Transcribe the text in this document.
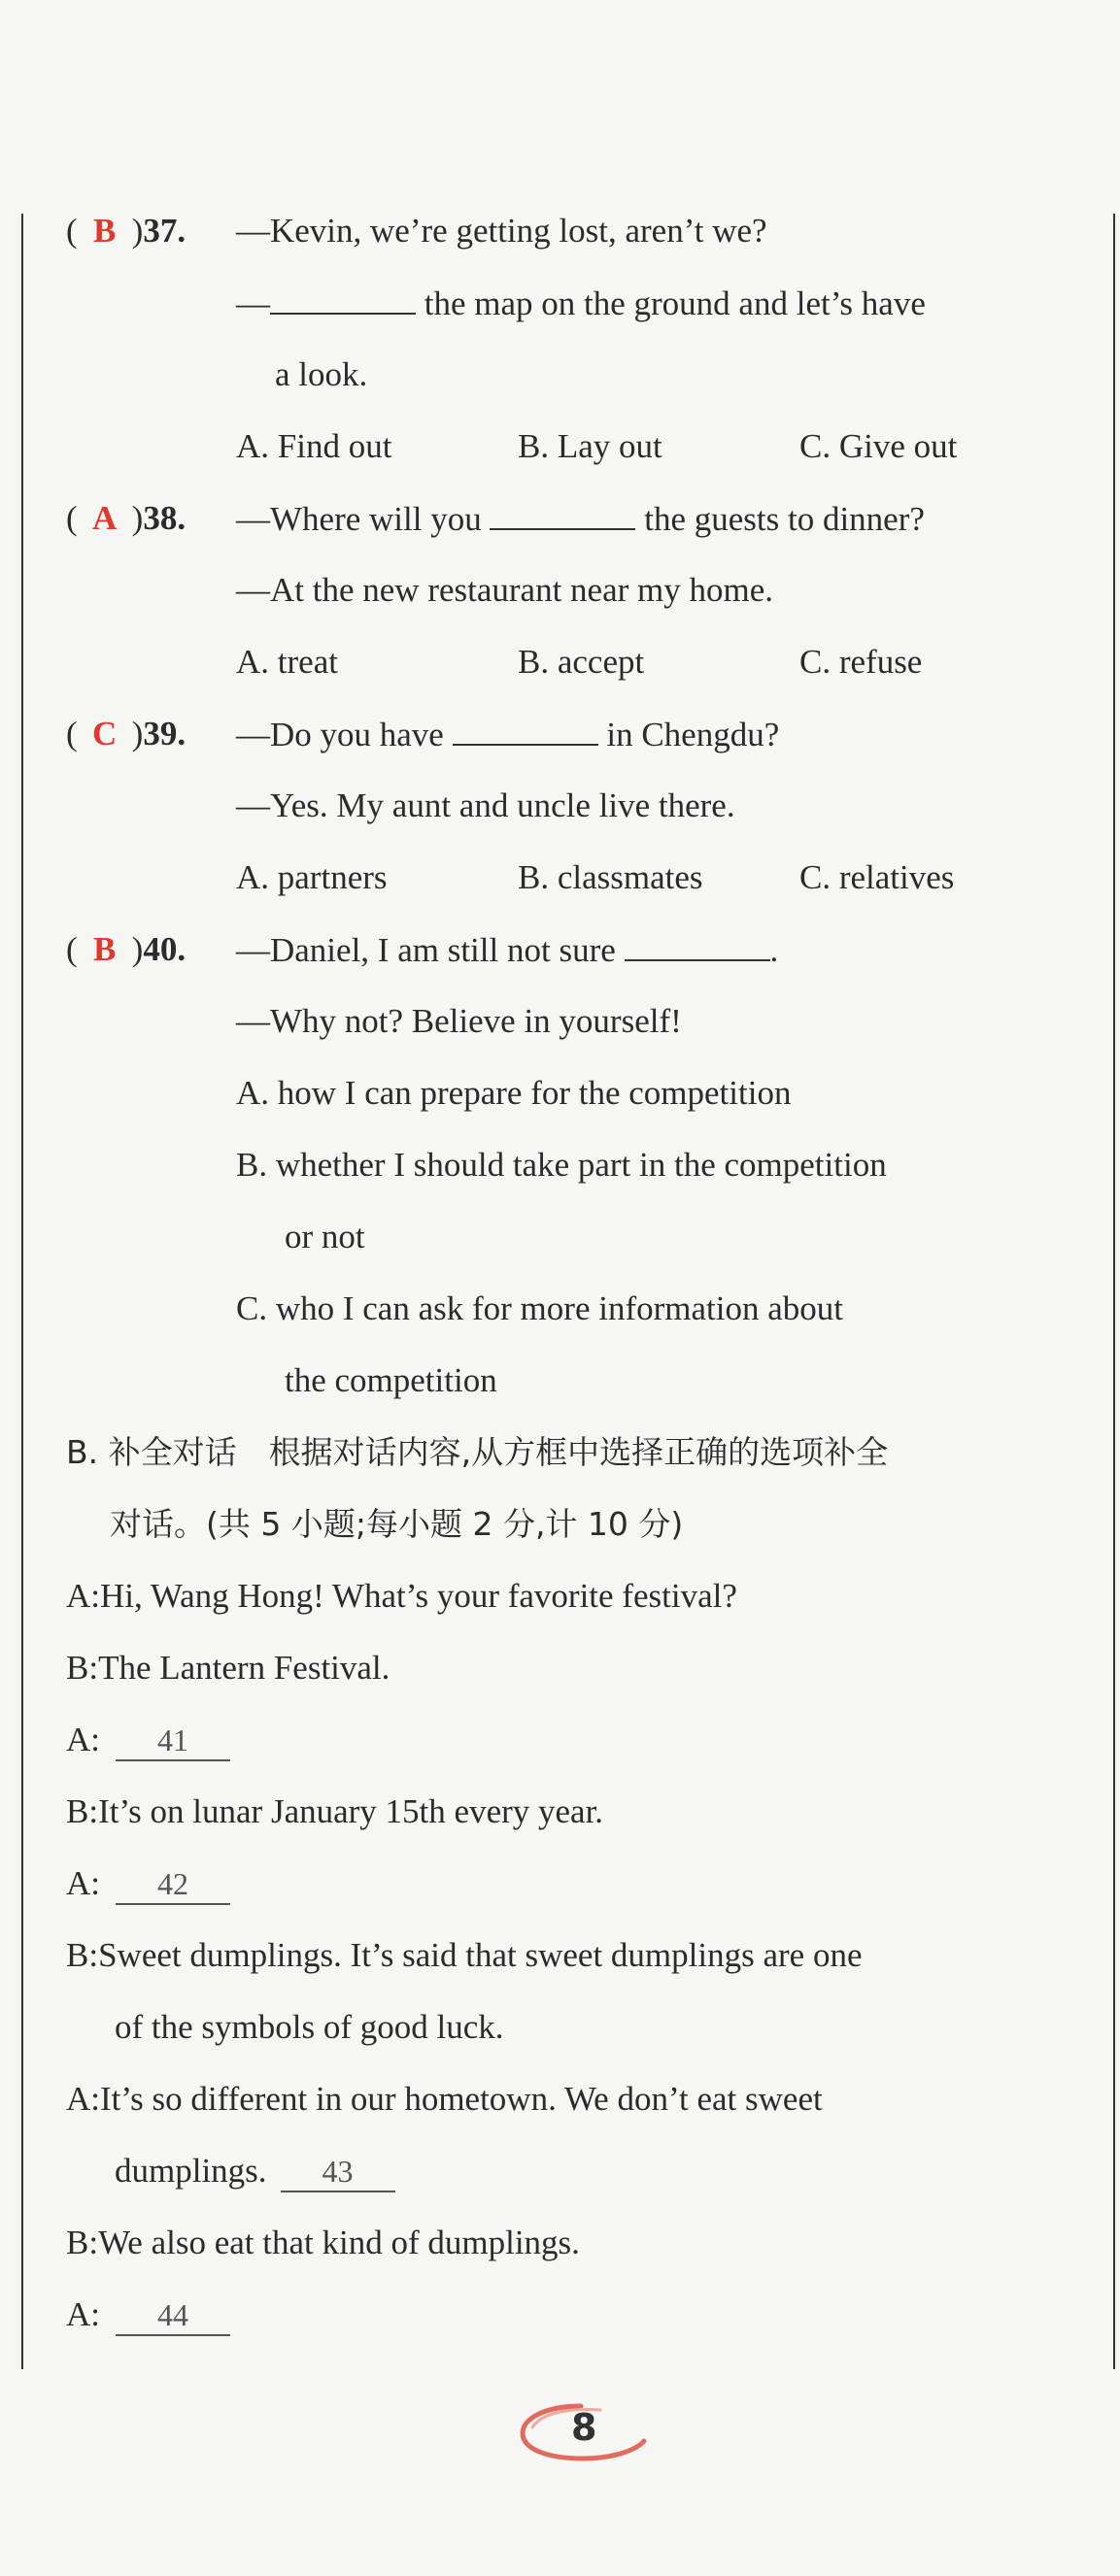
( B )37. —Kevin, we’re getting lost, aren’t we?
—	the map on the ground and let’s have
a look.
A. Find out	B. Lay out	C. Give out
( A )38. —Where will you	the guests to dinner?
—At the new restaurant near my home.
A. treat	B. accept	C. refuse
( C )39. —Do you have	in Chengdu?
—Yes. My aunt and uncle live there.
A. partners	B. classmates	C. relatives
( B )40. —Daniel, I am still not sure	.
—Why not? Believe in yourself!
A. how I can prepare for the competition
B. whether I should take part in the competition
or not
C. who I can ask for more information about
the competition
B. 补全对话　根据对话内容,从方框中选择正确的选项补全
对话。(共 5 小题;每小题 2 分,计 10 分)
A:Hi, Wang Hong! What’s your favorite festival?
B:The Lantern Festival.
A: 41
B:It’s on lunar January 15th every year.
A: 42
B:Sweet dumplings. It’s said that sweet dumplings are one
of the symbols of good luck.
A:It’s so different in our hometown. We don’t eat sweet
dumplings. 43
B:We also eat that kind of dumplings.
A: 44
8
